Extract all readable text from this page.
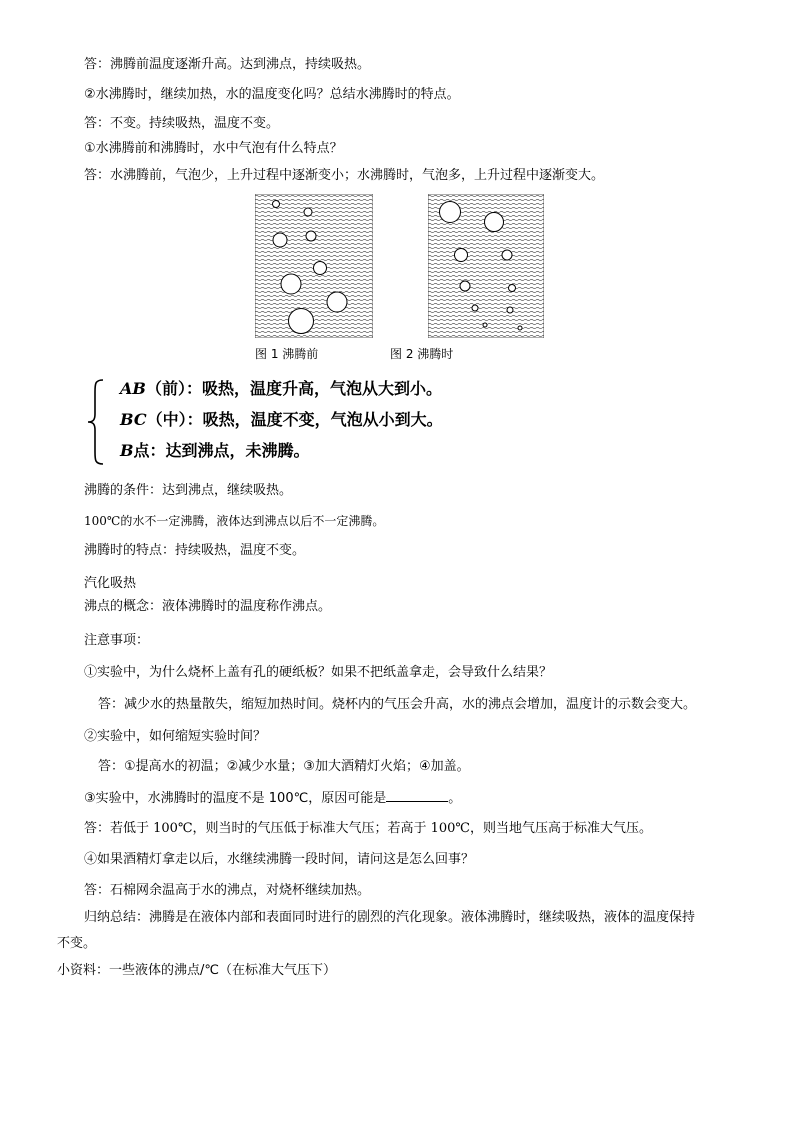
答：沸腾前温度逐渐升高。达到沸点，持续吸热。
②水沸腾时，继续加热，水的温度变化吗？总结水沸腾时的特点。
答：不变。持续吸热，温度不变。
①水沸腾前和沸腾时，水中气泡有什么特点？
答：水沸腾前，气泡少，上升过程中逐渐变小；水沸腾时，气泡多，上升过程中逐渐变大。
图 1 沸腾前	图 2 沸腾时
AB（前）：吸热，温度升高，气泡从大到小。
BC（中）：吸热，温度不变，气泡从小到大。
B点：达到沸点，未沸腾。
沸腾的条件：达到沸点，继续吸热。
100℃的水不一定沸腾，液体达到沸点以后不一定沸腾。
沸腾时的特点：持续吸热，温度不变。
汽化吸热
沸点的概念：液体沸腾时的温度称作沸点。
注意事项：
①实验中，为什么烧杯上盖有孔的硬纸板？如果不把纸盖拿走，会导致什么结果？
答：减少水的热量散失，缩短加热时间。烧杯内的气压会升高，水的沸点会增加，温度计的示数会变大。
②实验中，如何缩短实验时间？
答：①提高水的初温；②减少水量；③加大酒精灯火焰；④加盖。
③实验中，水沸腾时的温度不是 100℃，原因可能是	。
答：若低于 100℃，则当时的气压低于标准大气压；若高于 100℃，则当地气压高于标准大气压。
④如果酒精灯拿走以后，水继续沸腾一段时间，请问这是怎么回事？
答：石棉网余温高于水的沸点，对烧杯继续加热。
归纳总结：沸腾是在液体内部和表面同时进行的剧烈的汽化现象。液体沸腾时，继续吸热，液体的温度保持
不变。
小资料：一些液体的沸点/℃（在标准大气压下）
